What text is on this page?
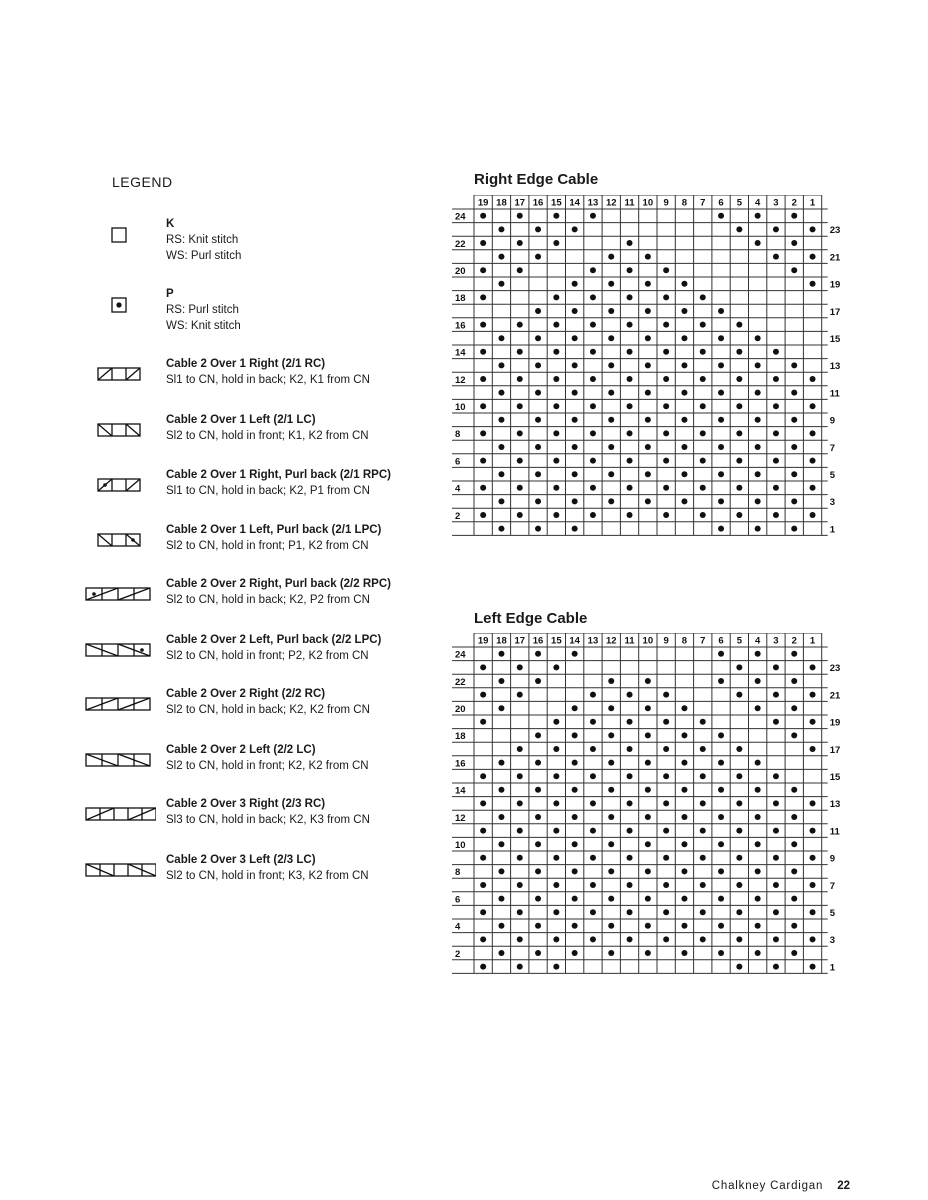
LEGEND
K
RS: Knit stitch
WS: Purl stitch
P
RS: Purl stitch
WS: Knit stitch
Cable 2 Over 1 Right (2/1 RC)
Sl1 to CN, hold in back; K2, K1 from CN
Cable 2 Over 1 Left (2/1 LC)
Sl2 to CN, hold in front; K1, K2 from CN
Cable 2 Over 1 Right, Purl back (2/1 RPC)
Sl1 to CN, hold in back; K2, P1 from CN
Cable 2 Over 1 Left, Purl back (2/1 LPC)
Sl2 to CN, hold in front; P1, K2 from CN
Cable 2 Over 2 Right, Purl back (2/2 RPC)
Sl2 to CN, hold in back; K2, P2 from CN
Cable 2 Over 2 Left, Purl back (2/2 LPC)
Sl2 to CN, hold in front; P2, K2 from CN
Cable 2 Over 2 Right (2/2 RC)
Sl2 to CN, hold in back; K2, K2 from CN
Cable 2 Over 2 Left (2/2 LC)
Sl2 to CN, hold in front; K2, K2 from CN
Cable 2 Over 3 Right (2/3 RC)
Sl3 to CN, hold in back; K2, K3 from CN
Cable 2 Over 3 Left (2/3 LC)
Sl2 to CN, hold in front; K3, K2 from CN
Right Edge Cable
19 18 17 16 15 14 13 12 11 10 9 8 7 6 5 4 3 2 1
24
22
20
18
16
14
12
10
8
6
4
2
23
21
19
17
15
13
11
9
7
5
3
1
Left Edge Cable
19 18 17 16 15 14 13 12 11 10 9 8 7 6 5 4 3 2 1
24
22
20
18
16
14
12
10
8
6
4
2
23
21
19
17
15
13
11
9
7
5
3
1
Chalkney Cardigan 22
